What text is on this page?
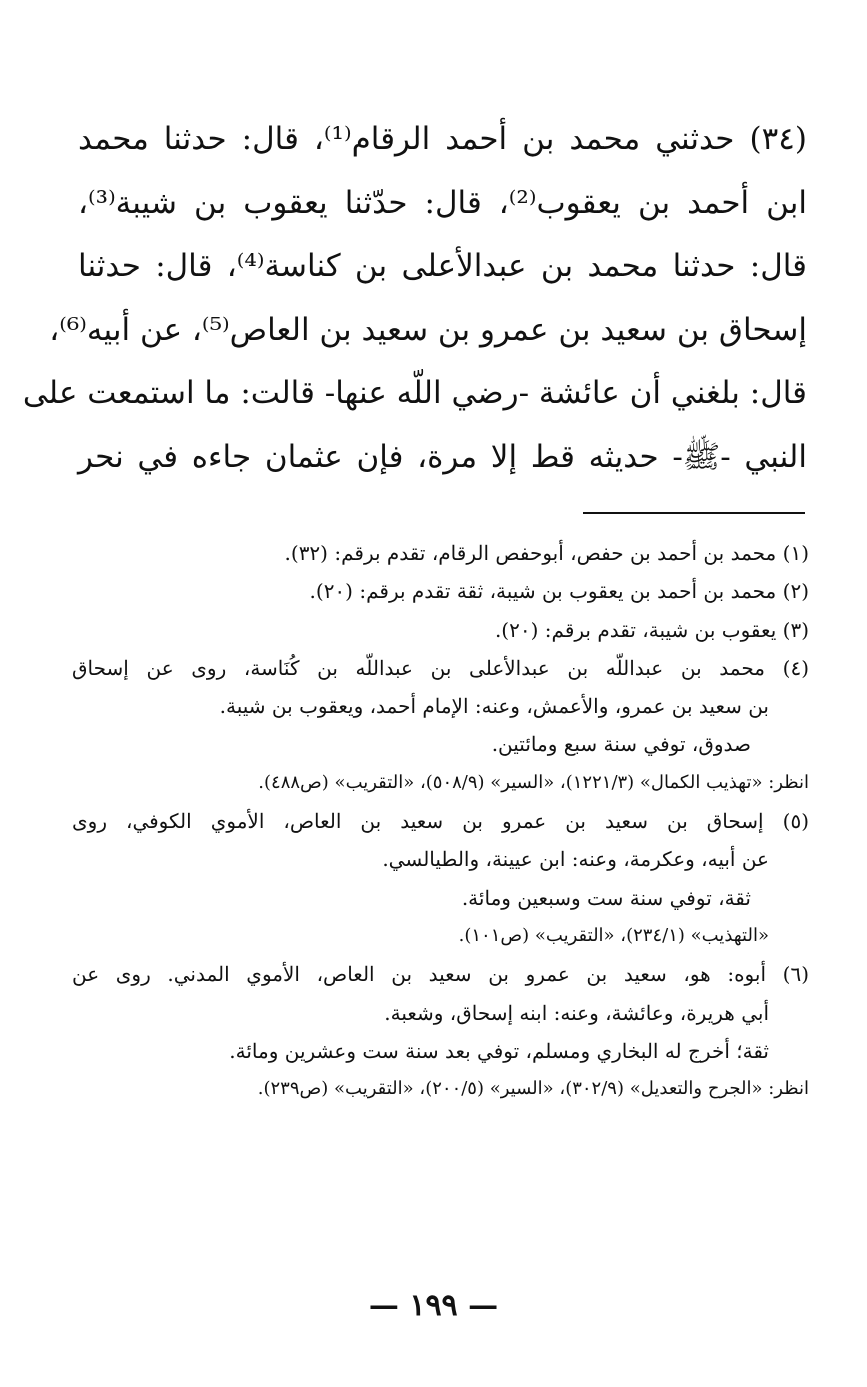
(٣٤) حدثني محمد بن أحمد الرقام⁽¹⁾، قال: حدثنا محمد
ابن أحمد بن يعقوب⁽²⁾، قال: حدّثنا يعقوب بن شيبة⁽³⁾،
قال: حدثنا محمد بن عبدالأعلى بن كناسة⁽⁴⁾، قال: حدثنا
إسحاق بن سعيد بن عمرو بن سعيد بن العاص⁽⁵⁾، عن أبيه⁽⁶⁾،
قال: بلغني أن عائشة -رضي اللّه عنها- قالت: ما استمعت على
النبي -ﷺ- حديثه قط إلا مرة، فإن عثمان جاءه في نحر
(١) محمد بن أحمد بن حفص، أبوحفص الرقام، تقدم برقم: (٣٢).
(٢) محمد بن أحمد بن يعقوب بن شيبة، ثقة تقدم برقم: (٢٠).
(٣) يعقوب بن شيبة، تقدم برقم: (٢٠).
(٤) محمد بن عبداللّه بن عبدالأعلى بن عبداللّه بن كُنَاسة، روى عن إسحاق
بن سعيد بن عمرو، والأعمش، وعنه: الإمام أحمد، ويعقوب بن شيبة.
صدوق، توفي سنة سبع ومائتين.
انظر: «تهذيب الكمال» (١٢٢١/٣)، «السير» (٥٠٨/٩)، «التقريب» (ص٤٨٨).
(٥) إسحاق بن سعيد بن عمرو بن سعيد بن العاص، الأموي الكوفي، روى
عن أبيه، وعكرمة، وعنه: ابن عيينة، والطيالسي.
ثقة، توفي سنة ست وسبعين ومائة.
«التهذيب» (٢٣٤/١)، «التقريب» (ص١٠١).
(٦) أبوه: هو، سعيد بن عمرو بن سعيد بن العاص، الأموي المدني. روى عن
أبي هريرة، وعائشة، وعنه: ابنه إسحاق، وشعبة.
ثقة؛ أخرج له البخاري ومسلم، توفي بعد سنة ست وعشرين ومائة.
انظر: «الجرح والتعديل» (٣٠٢/٩)، «السير» (٢٠٠/٥)، «التقريب» (ص٢٣٩).
— ١٩٩ —
